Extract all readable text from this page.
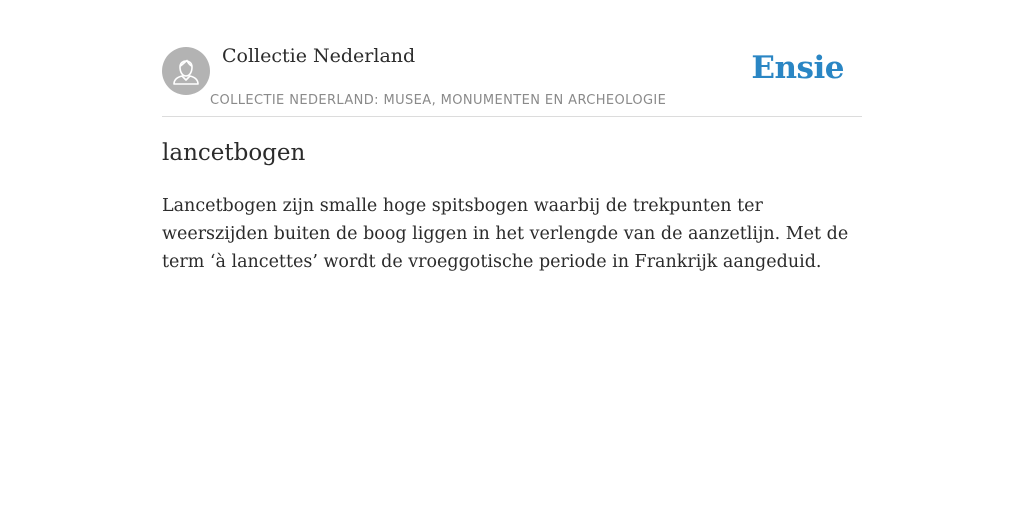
Collectie Nederland
COLLECTIE NEDERLAND: MUSEA, MONUMENTEN EN ARCHEOLOGIE
Ensie
lancetbogen

Lancetbogen zijn smalle hoge spitsbogen waarbij de trekpunten ter weerszijden buiten de boog liggen in het verlengde van de aanzetlijn. Met de term ‘à lancettes’ wordt de vroeggotische periode in Frankrijk aangeduid.
